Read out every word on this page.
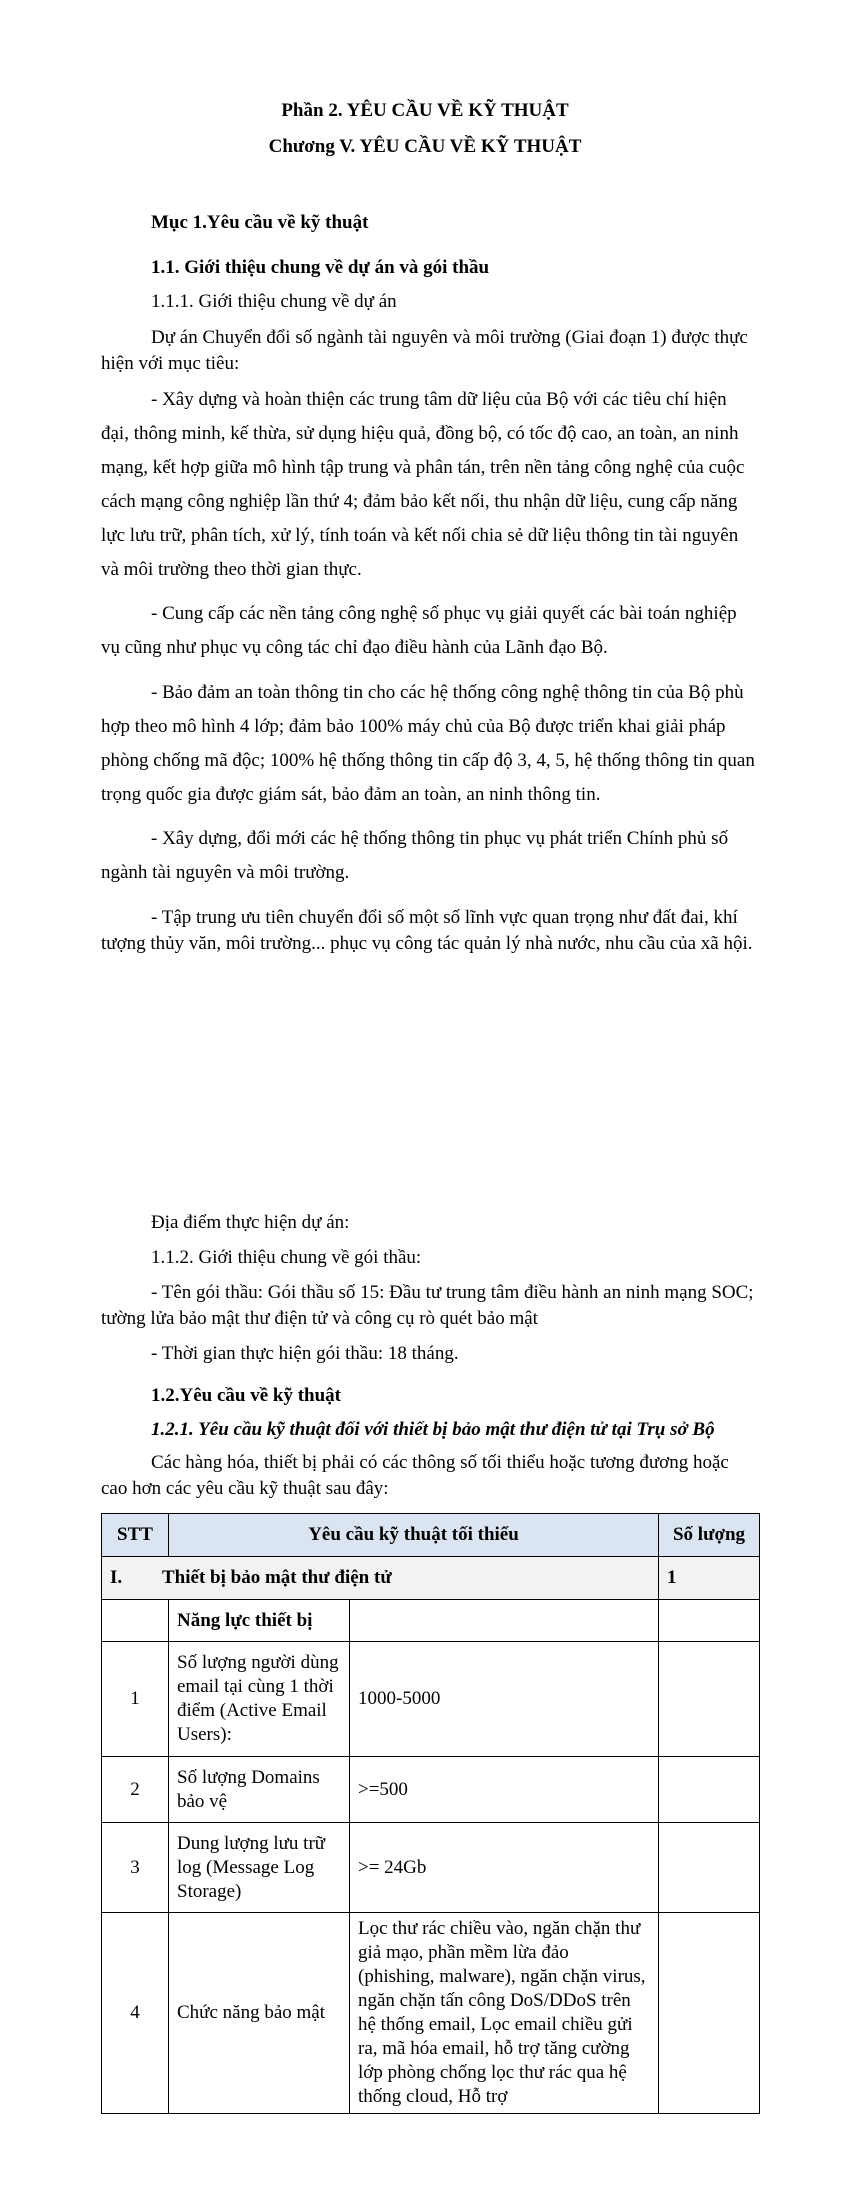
Phần 2. YÊU CẦU VỀ KỸ THUẬT

Chương V. YÊU CẦU VỀ KỸ THUẬT

Mục 1.Yêu cầu về kỹ thuật

1.1. Giới thiệu chung về dự án và gói thầu

1.1.1. Giới thiệu chung về dự án

Dự án Chuyển đổi số ngành tài nguyên và môi trường (Giai đoạn 1) được thực hiện với mục tiêu:

- Xây dựng và hoàn thiện các trung tâm dữ liệu của Bộ với các tiêu chí hiện đại, thông minh, kế thừa, sử dụng hiệu quả, đồng bộ, có tốc độ cao, an toàn, an ninh mạng, kết hợp giữa mô hình tập trung và phân tán, trên nền tảng công nghệ của cuộc cách mạng công nghiệp lần thứ 4; đảm bảo kết nối, thu nhận dữ liệu, cung cấp năng lực lưu trữ, phân tích, xử lý, tính toán và kết nối chia sẻ dữ liệu thông tin tài nguyên và môi trường theo thời gian thực.

- Cung cấp các nền tảng công nghệ số phục vụ giải quyết các bài toán nghiệp vụ cũng như phục vụ công tác chỉ đạo điều hành của Lãnh đạo Bộ.

- Bảo đảm an toàn thông tin cho các hệ thống công nghệ thông tin của Bộ phù hợp theo mô hình 4 lớp; đảm bảo 100% máy chủ của Bộ được triển khai giải pháp phòng chống mã độc; 100% hệ thống thông tin cấp độ 3, 4, 5, hệ thống thông tin quan trọng quốc gia được giám sát, bảo đảm an toàn, an ninh thông tin.

- Xây dựng, đổi mới các hệ thống thông tin phục vụ phát triển Chính phủ số ngành tài nguyên và môi trường.

- Tập trung ưu tiên chuyển đổi số một số lĩnh vực quan trọng như đất đai, khí tượng thủy văn, môi trường... phục vụ công tác quản lý nhà nước, nhu cầu của xã hội.

Địa điểm thực hiện dự án:

1.1.2. Giới thiệu chung về gói thầu:

- Tên gói thầu: Gói thầu số 15: Đầu tư trung tâm điều hành an ninh mạng SOC; tường lửa bảo mật thư điện tử và công cụ rò quét bảo mật

- Thời gian thực hiện gói thầu: 18 tháng.

1.2.Yêu cầu về kỹ thuật

1.2.1. Yêu cầu kỹ thuật đối với thiết bị bảo mật thư điện tử tại Trụ sở Bộ

Các hàng hóa, thiết bị phải có các thông số tối thiểu hoặc tương đương hoặc cao hơn các yêu cầu kỹ thuật sau đây:

STT	Yêu cầu kỹ thuật tối thiểu		Số lượng
I. Thiết bị bảo mật thư điện tử			1
	Năng lực thiết bị		
1	Số lượng người dùng email tại cùng 1 thời điểm (Active Email Users):	1000-5000	
2	Số lượng Domains bảo vệ	>=500	
3	Dung lượng lưu trữ log (Message Log Storage)	>= 24Gb	
4	Chức năng bảo mật	Lọc thư rác chiều vào, ngăn chặn thư giả mạo, phần mềm lừa đảo (phishing, malware), ngăn chặn virus, ngăn chặn tấn công DoS/DDoS trên hệ thống email, Lọc email chiều gửi ra, mã hóa email, hỗ trợ tăng cường lớp phòng chống lọc thư rác qua hệ thống cloud, Hỗ trợ	
